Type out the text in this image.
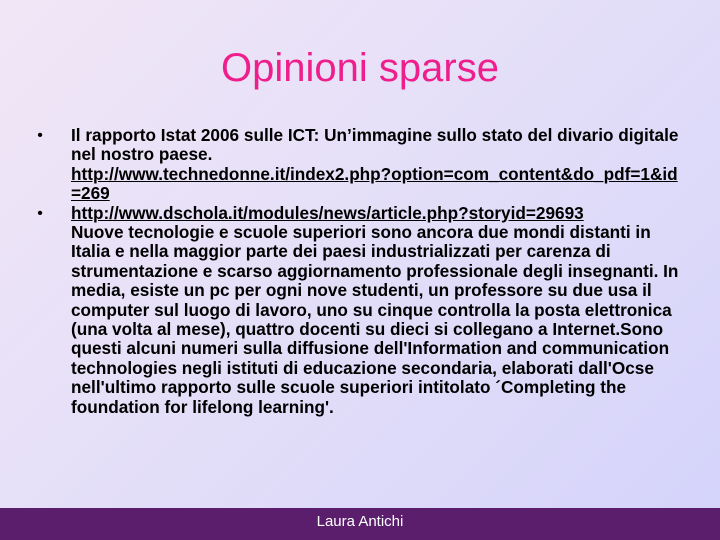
Opinioni sparse
•	Il rapporto Istat 2006 sulle ICT: Un’immagine sullo stato del divario digitale nel nostro paese.
http://www.technedonne.it/index2.php?option=com_content&do_pdf=1&id=269
•	http://www.dschola.it/modules/news/article.php?storyid=29693
Nuove tecnologie e scuole superiori sono ancora due mondi distanti in Italia e nella maggior parte dei paesi industrializzati per carenza di strumentazione e scarso aggiornamento professionale degli insegnanti. In media, esiste un pc per ogni nove studenti, un professore su due usa il computer sul luogo di lavoro, uno su cinque controlla la posta elettronica (una volta al mese), quattro docenti su dieci si collegano a Internet.Sono questi alcuni numeri sulla diffusione dell'Information and communication technologies negli istituti di educazione secondaria, elaborati dall'Ocse nell'ultimo rapporto sulle scuole superiori intitolato ´Completing the foundation for lifelong learning'.
Laura Antichi
